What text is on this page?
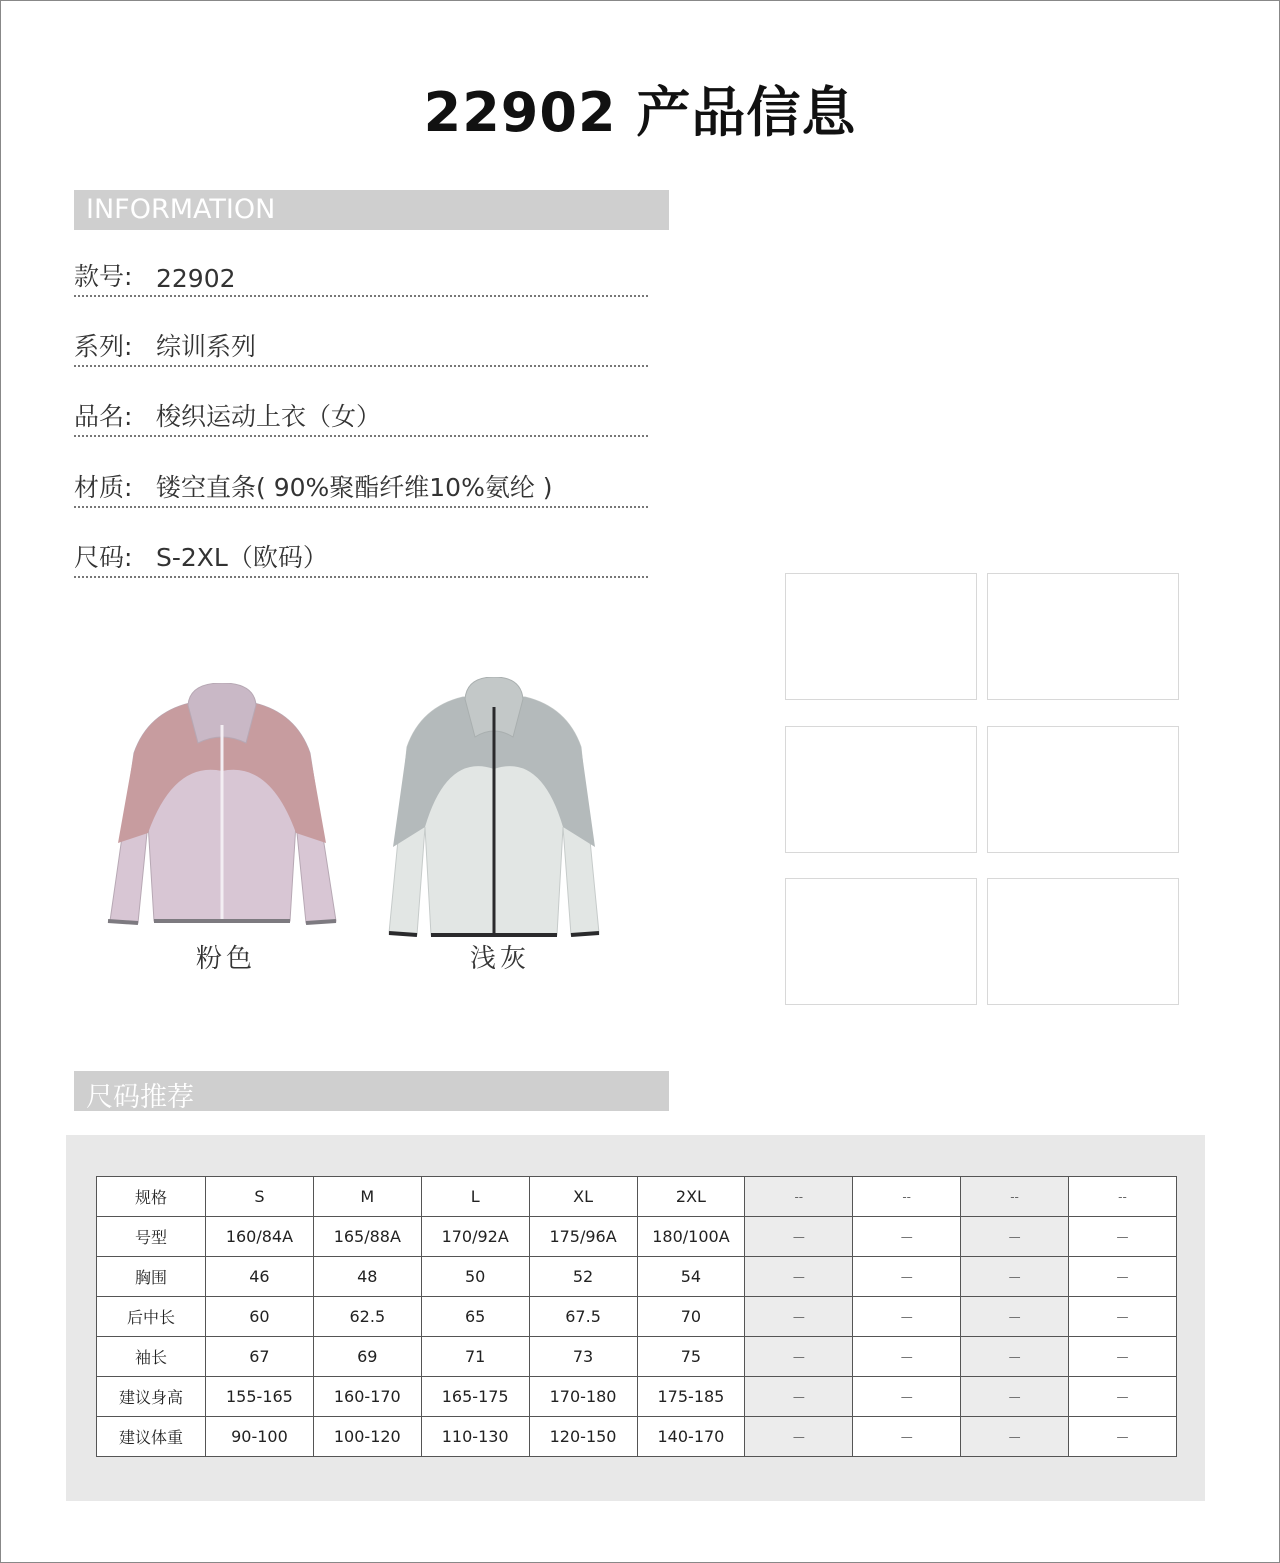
22902 产品信息
INFORMATION
款号: 22902
系列: 综训系列
品名: 梭织运动上衣（女）
材质: 镂空直条( 90%聚酯纤维10%氨纶 )
尺码: S-2XL（欧码）
粉色	浅灰
尺码推荐
规格	S	M	L	XL	2XL	--	--	--	--
号型	160/84A	165/88A	170/92A	175/96A	180/100A	—	—	—	—
胸围	46	48	50	52	54	—	—	—	—
后中长	60	62.5	65	67.5	70	—	—	—	—
袖长	67	69	71	73	75	—	—	—	—
建议身高	155-165	160-170	165-175	170-180	175-185	—	—	—	—
建议体重	90-100	100-120	110-130	120-150	140-170	—	—	—	—
